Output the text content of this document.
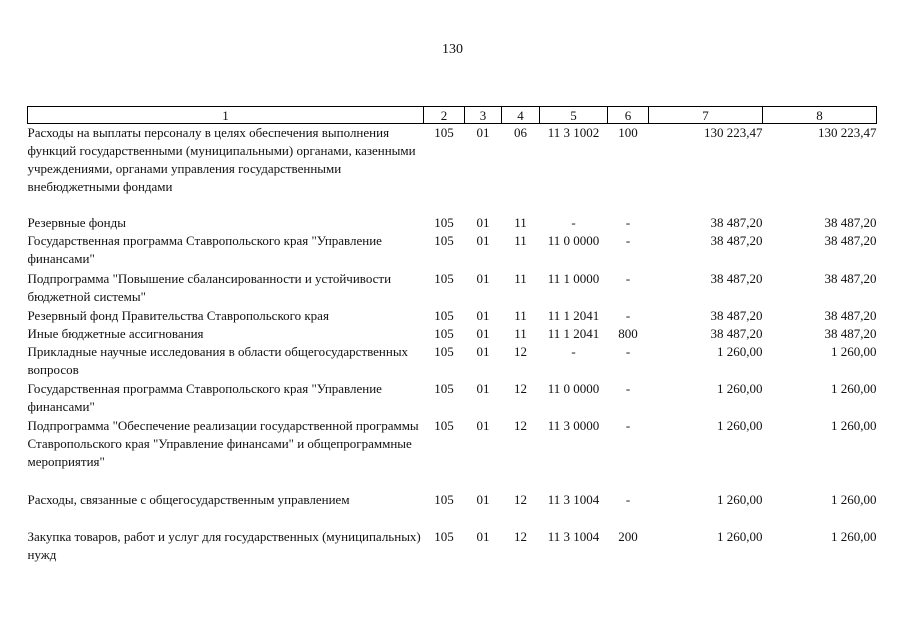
130
1	2	3	4	5	6	7	8
Расходы на выплаты персоналу в целях обеспечения выполнения функций государственными (муниципальными) органами, казенными учреждениями, органами управления государственными внебюджетными фондами	105	01	06	11 3 1002	100	130 223,47	130 223,47
Резервные фонды	105	01	11	-	-	38 487,20	38 487,20
Государственная программа Ставропольского края "Управление финансами"	105	01	11	11 0 0000	-	38 487,20	38 487,20
Подпрограмма "Повышение сбалансированности и устойчивости бюджетной системы"	105	01	11	11 1 0000	-	38 487,20	38 487,20
Резервный фонд Правительства Ставропольского края	105	01	11	11 1 2041	-	38 487,20	38 487,20
Иные бюджетные ассигнования	105	01	11	11 1 2041	800	38 487,20	38 487,20
Прикладные научные исследования в области общегосударственных вопросов	105	01	12	-	-	1 260,00	1 260,00
Государственная программа Ставропольского края "Управление финансами"	105	01	12	11 0 0000	-	1 260,00	1 260,00
Подпрограмма "Обеспечение реализации государственной программы Ставропольского края "Управление финансами" и общепрограммные мероприятия"	105	01	12	11 3 0000	-	1 260,00	1 260,00
Расходы, связанные с общегосударственным управлением	105	01	12	11 3 1004	-	1 260,00	1 260,00
Закупка товаров, работ и услуг для государственных (муниципальных) нужд	105	01	12	11 3 1004	200	1 260,00	1 260,00
